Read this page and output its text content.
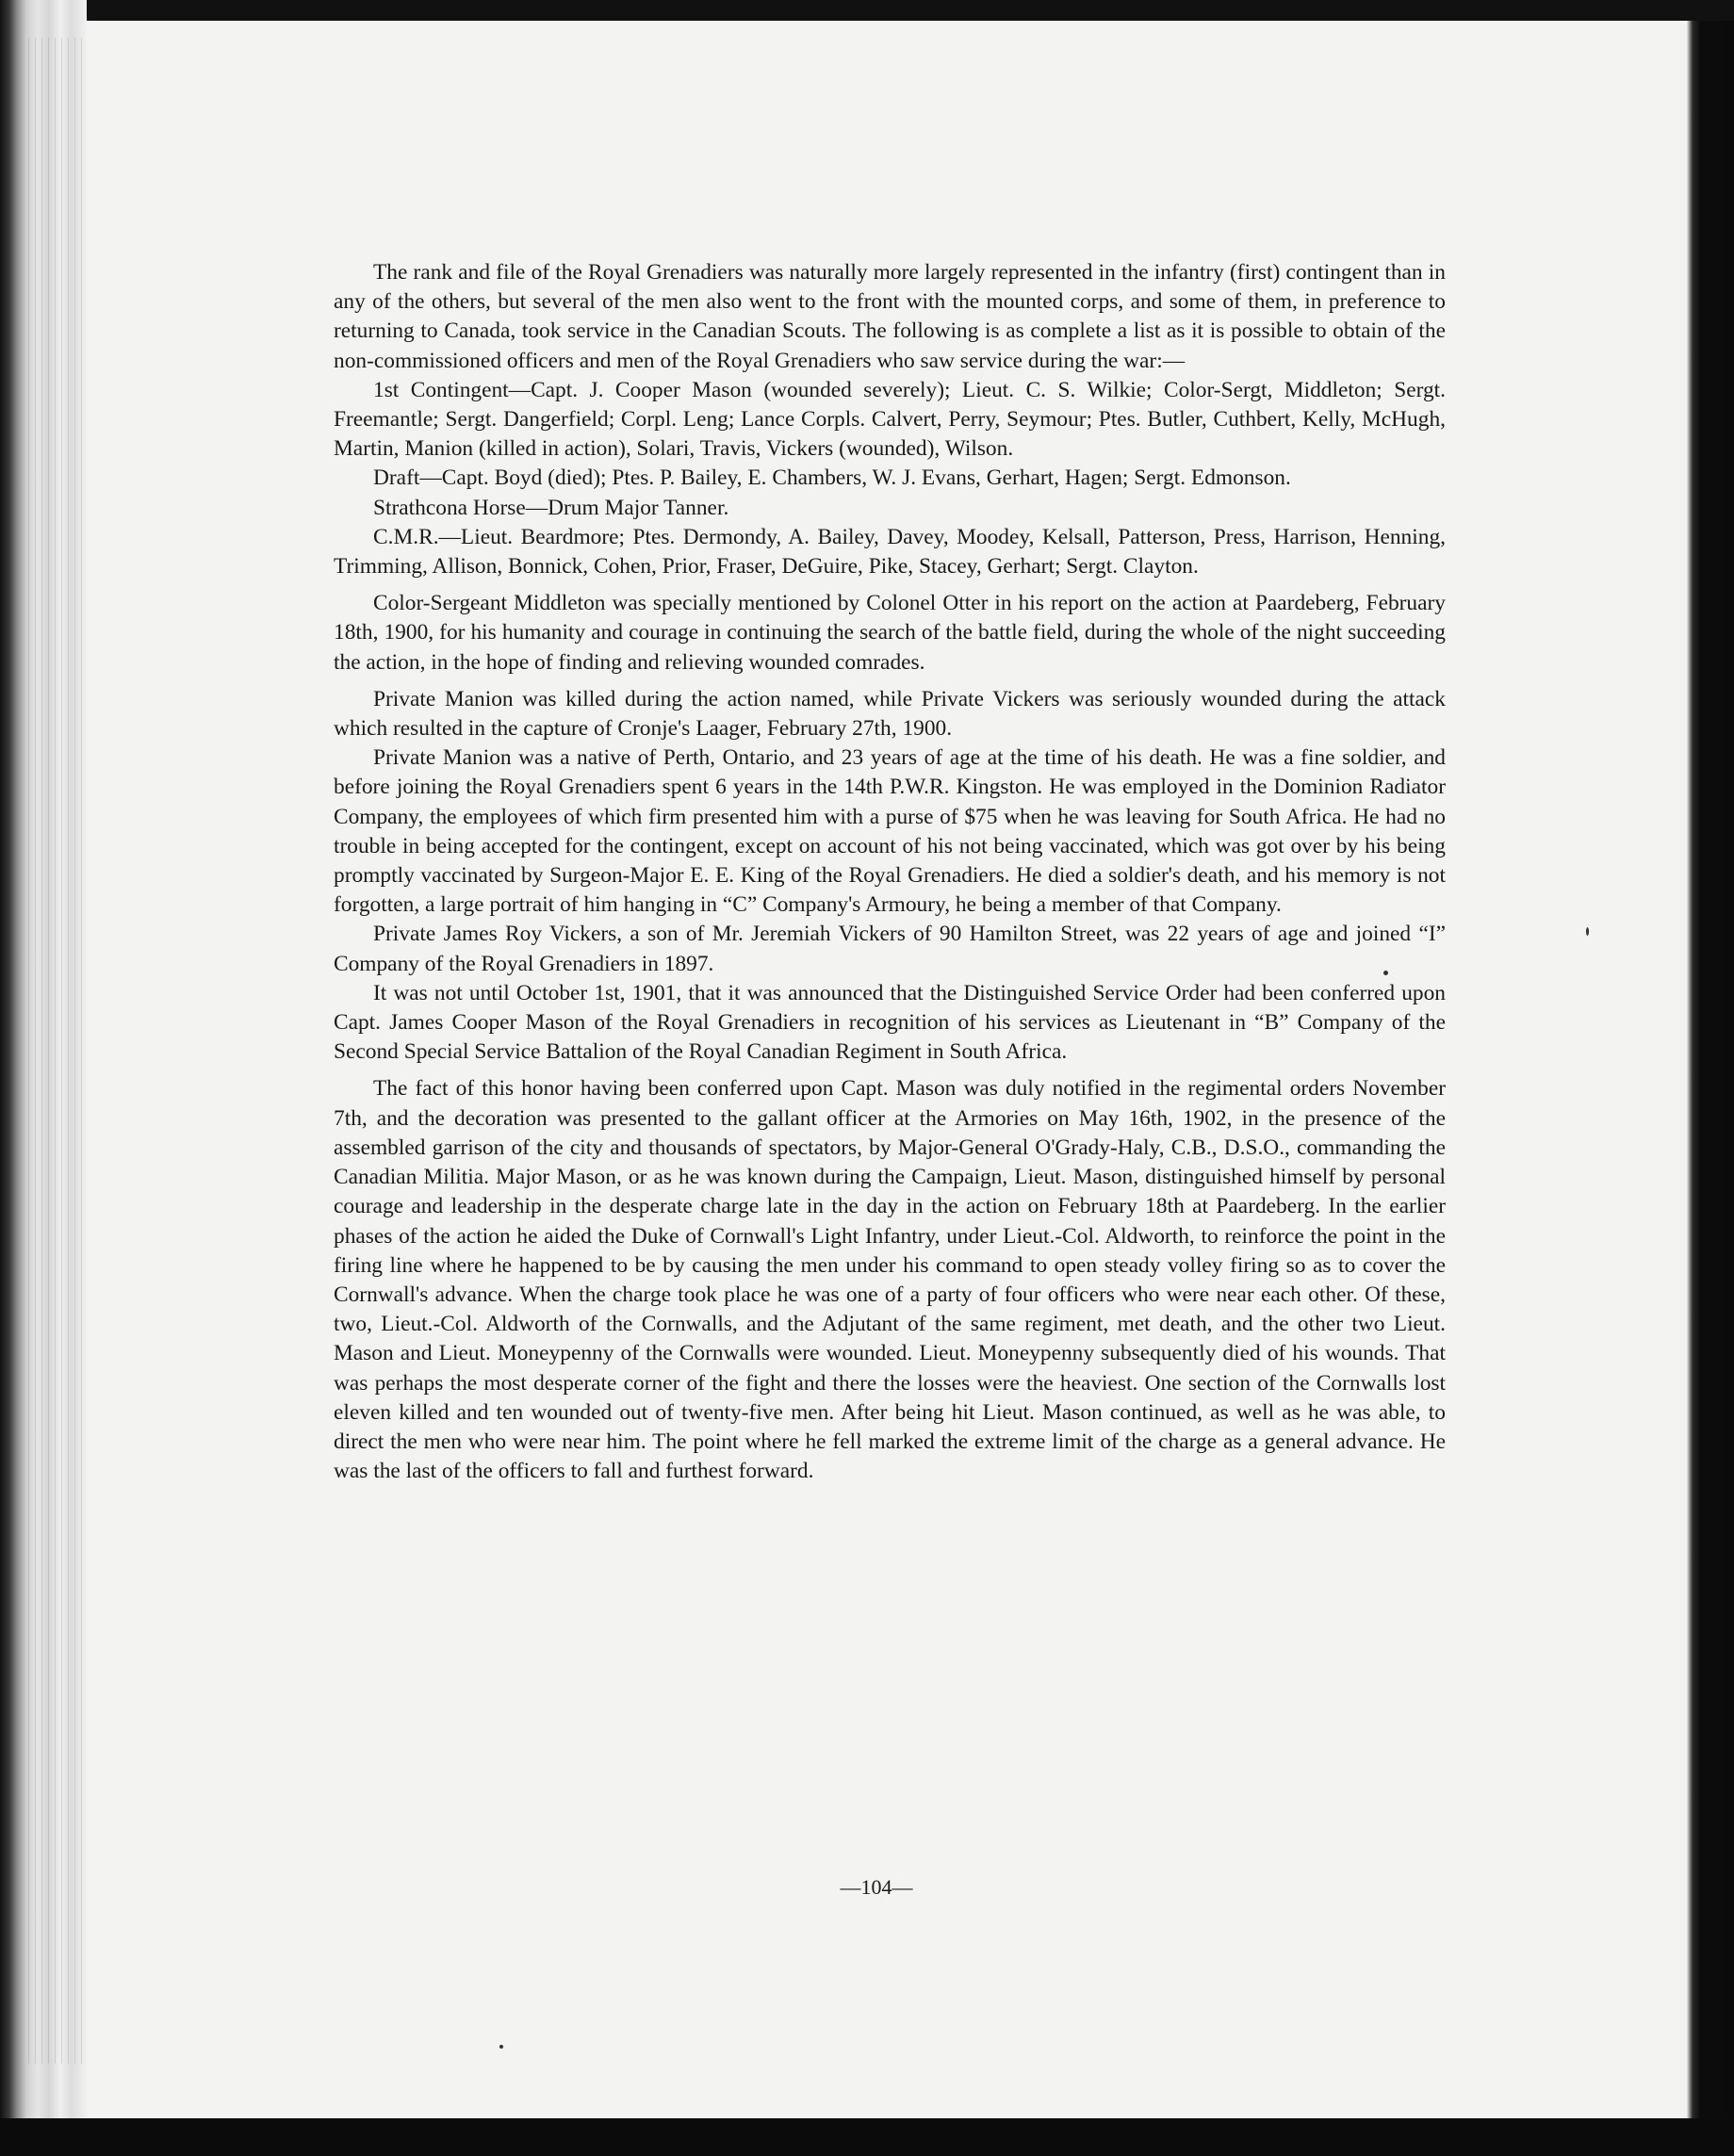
The rank and file of the Royal Grenadiers was naturally more largely represented in the infantry (first) contingent than in any of the others, but several of the men also went to the front with the mounted corps, and some of them, in preference to returning to Canada, took service in the Canadian Scouts. The following is as complete a list as it is possible to obtain of the non-commissioned officers and men of the Royal Grenadiers who saw service during the war:—

1st Contingent—Capt. J. Cooper Mason (wounded severely); Lieut. C. S. Wilkie; Color-Sergt, Middleton; Sergt. Freemantle; Sergt. Dangerfield; Corpl. Leng; Lance Corpls. Calvert, Perry, Seymour; Ptes. Butler, Cuthbert, Kelly, McHugh, Martin, Manion (killed in action), Solari, Travis, Vickers (wounded), Wilson.

Draft—Capt. Boyd (died); Ptes. P. Bailey, E. Chambers, W. J. Evans, Gerhart, Hagen; Sergt. Edmonson.

Strathcona Horse—Drum Major Tanner.

C.M.R.—Lieut. Beardmore; Ptes. Dermondy, A. Bailey, Davey, Moodey, Kelsall, Patterson, Press, Harrison, Henning, Trimming, Allison, Bonnick, Cohen, Prior, Fraser, DeGuire, Pike, Stacey, Gerhart; Sergt. Clayton.

Color-Sergeant Middleton was specially mentioned by Colonel Otter in his report on the action at Paardeberg, February 18th, 1900, for his humanity and courage in continuing the search of the battle field, during the whole of the night succeeding the action, in the hope of finding and relieving wounded comrades.

Private Manion was killed during the action named, while Private Vickers was seriously wounded during the attack which resulted in the capture of Cronje's Laager, February 27th, 1900.

Private Manion was a native of Perth, Ontario, and 23 years of age at the time of his death. He was a fine soldier, and before joining the Royal Grenadiers spent 6 years in the 14th P.W.R. Kingston. He was employed in the Dominion Radiator Company, the employees of which firm presented him with a purse of $75 when he was leaving for South Africa. He had no trouble in being accepted for the contingent, except on account of his not being vaccinated, which was got over by his being promptly vaccinated by Surgeon-Major E. E. King of the Royal Grenadiers. He died a soldier's death, and his memory is not forgotten, a large portrait of him hanging in “C” Company's Armoury, he being a member of that Company.

Private James Roy Vickers, a son of Mr. Jeremiah Vickers of 90 Hamilton Street, was 22 years of age and joined “I” Company of the Royal Grenadiers in 1897.

It was not until October 1st, 1901, that it was announced that the Distinguished Service Order had been conferred upon Capt. James Cooper Mason of the Royal Grenadiers in recognition of his services as Lieutenant in “B” Company of the Second Special Service Battalion of the Royal Canadian Regiment in South Africa.

The fact of this honor having been conferred upon Capt. Mason was duly notified in the regimental orders November 7th, and the decoration was presented to the gallant officer at the Armories on May 16th, 1902, in the presence of the assembled garrison of the city and thousands of spectators, by Major-General O'Grady-Haly, C.B., D.S.O., commanding the Canadian Militia. Major Mason, or as he was known during the Campaign, Lieut. Mason, distinguished himself by personal courage and leadership in the desperate charge late in the day in the action on February 18th at Paardeberg. In the earlier phases of the action he aided the Duke of Cornwall's Light Infantry, under Lieut.-Col. Aldworth, to reinforce the point in the firing line where he happened to be by causing the men under his command to open steady volley firing so as to cover the Cornwall's advance. When the charge took place he was one of a party of four officers who were near each other. Of these, two, Lieut.-Col. Aldworth of the Cornwalls, and the Adjutant of the same regiment, met death, and the other two Lieut. Mason and Lieut. Moneypenny of the Cornwalls were wounded. Lieut. Moneypenny subsequently died of his wounds. That was perhaps the most desperate corner of the fight and there the losses were the heaviest. One section of the Cornwalls lost eleven killed and ten wounded out of twenty-five men. After being hit Lieut. Mason continued, as well as he was able, to direct the men who were near him. The point where he fell marked the extreme limit of the charge as a general advance. He was the last of the officers to fall and furthest forward.

—104—
